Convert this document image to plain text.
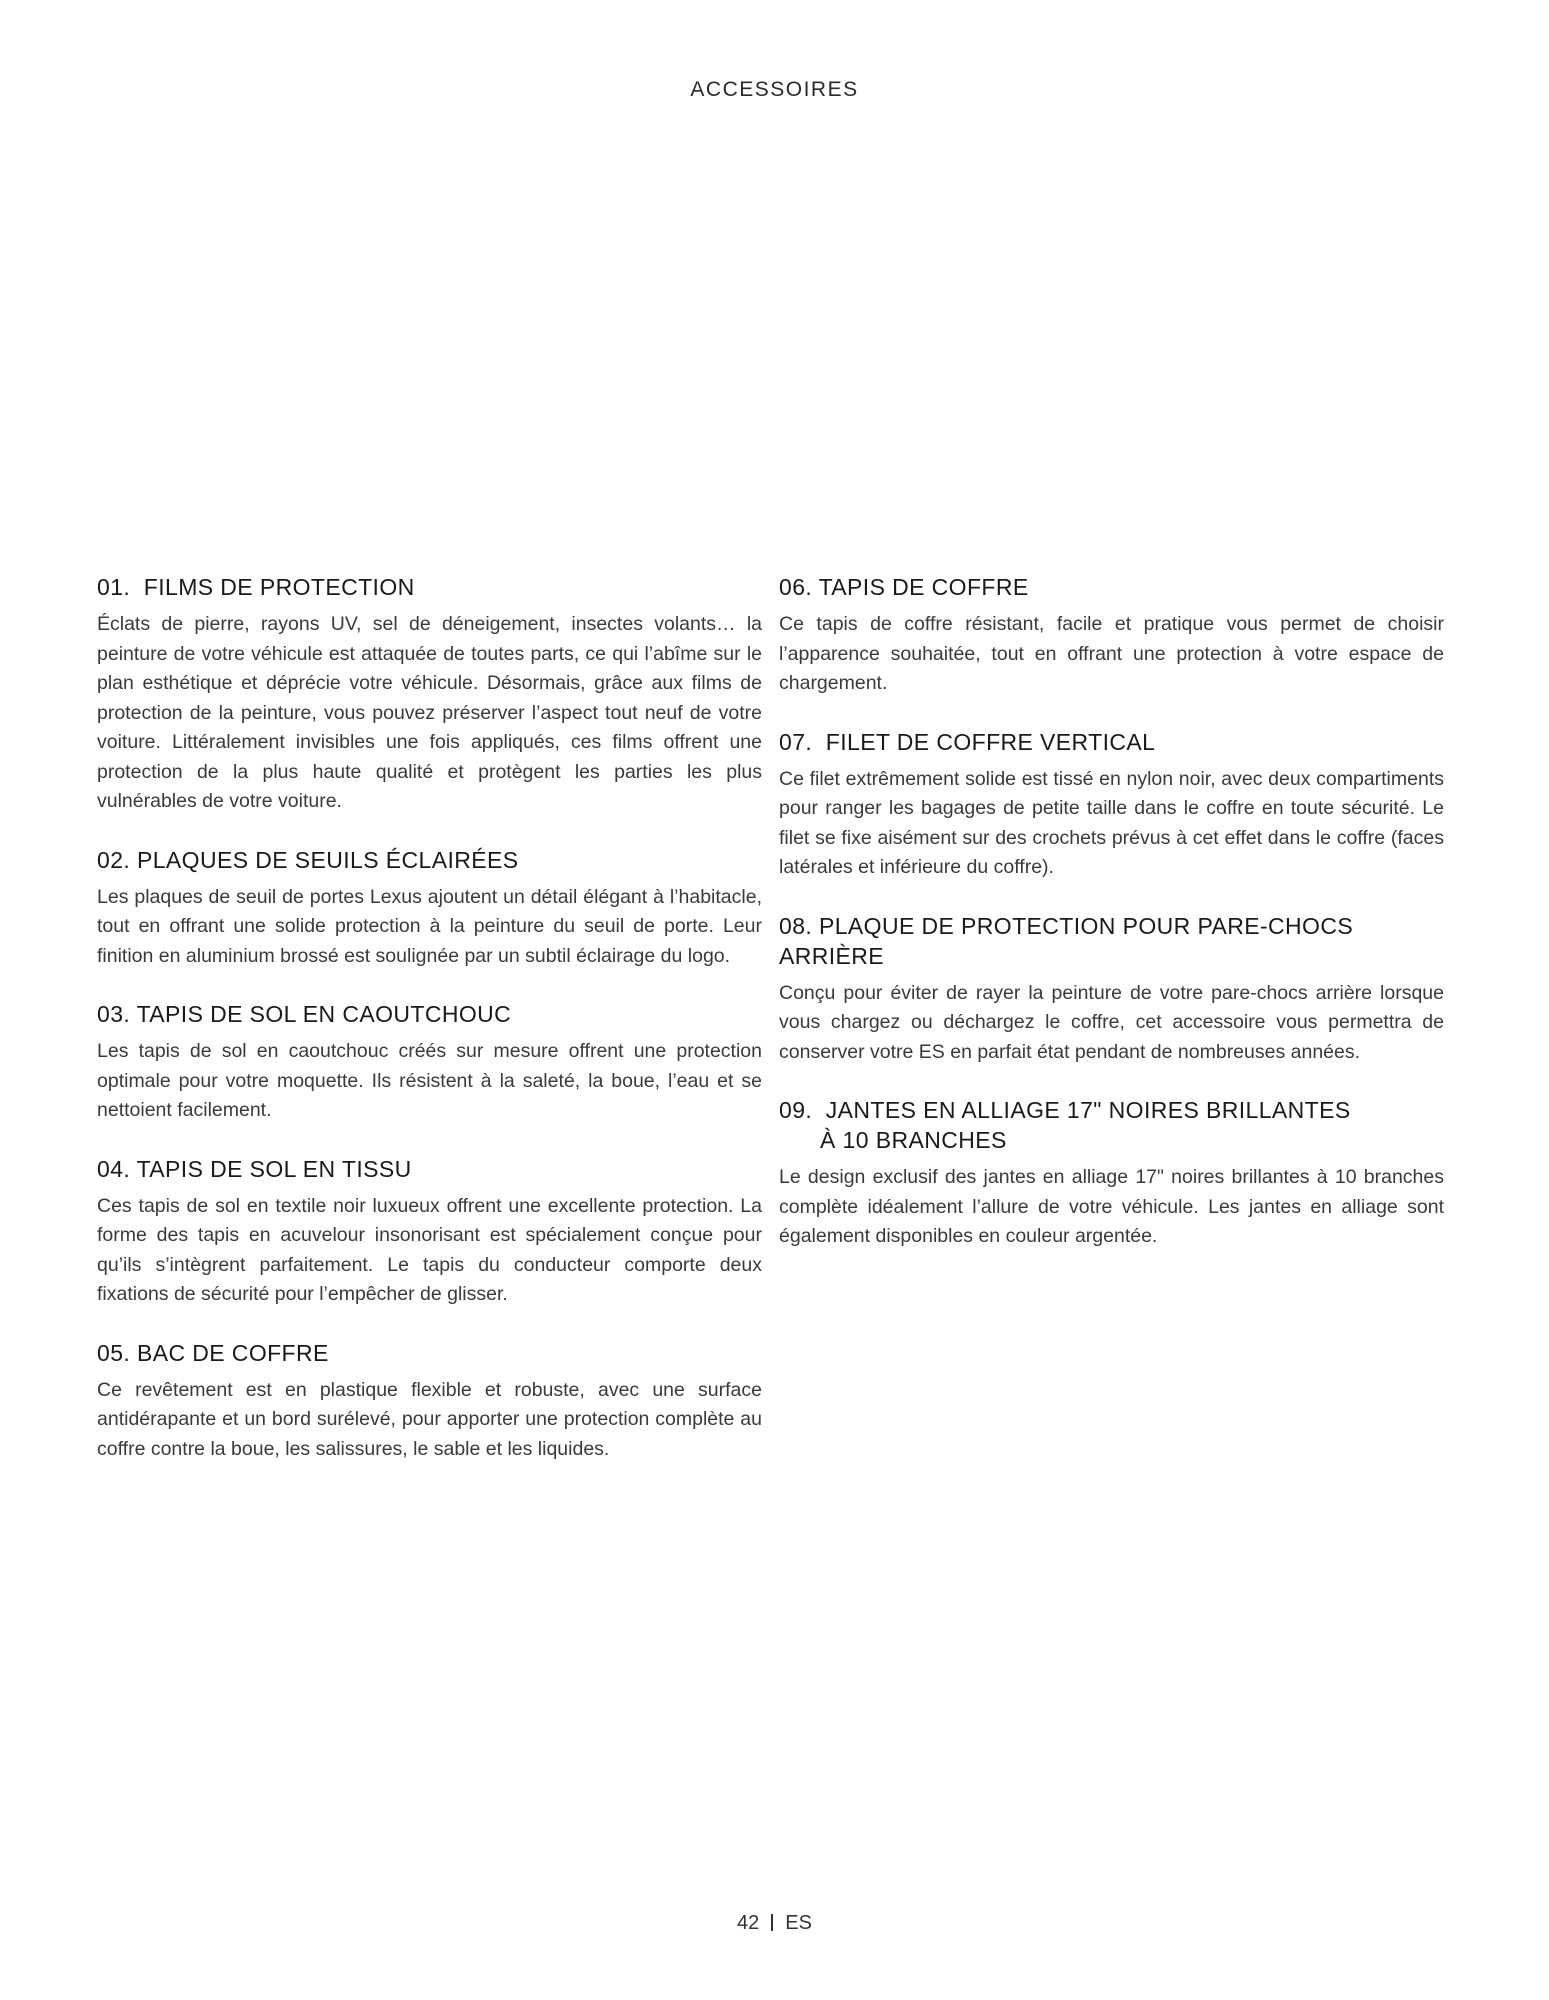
ACCESSOIRES
01. FILMS DE PROTECTION

Éclats de pierre, rayons UV, sel de déneigement, insectes volants… la peinture de votre véhicule est attaquée de toutes parts, ce qui l’abîme sur le plan esthétique et déprécie votre véhicule. Désormais, grâce aux films de protection de la peinture, vous pouvez préserver l’aspect tout neuf de votre voiture. Littéralement invisibles une fois appliqués, ces films offrent une protection de la plus haute qualité et protègent les parties les plus vulnérables de votre voiture.

02. PLAQUES DE SEUILS ÉCLAIRÉES

Les plaques de seuil de portes Lexus ajoutent un détail élégant à l’habitacle, tout en offrant une solide protection à la peinture du seuil de porte. Leur finition en aluminium brossé est soulignée par un subtil éclairage du logo.

03. TAPIS DE SOL EN CAOUTCHOUC

Les tapis de sol en caoutchouc créés sur mesure offrent une protection optimale pour votre moquette. Ils résistent à la saleté, la boue, l’eau et se nettoient facilement.

04. TAPIS DE SOL EN TISSU

Ces tapis de sol en textile noir luxueux offrent une excellente protection. La forme des tapis en acuvelour insonorisant est spécialement conçue pour qu’ils s’intègrent parfaitement. Le tapis du conducteur comporte deux fixations de sécurité pour l’empêcher de glisser.

05. BAC DE COFFRE

Ce revêtement est en plastique flexible et robuste, avec une surface antidérapante et un bord surélevé, pour apporter une protection complète au coffre contre la boue, les salissures, le sable et les liquides.

06. TAPIS DE COFFRE

Ce tapis de coffre résistant, facile et pratique vous permet de choisir l’apparence souhaitée, tout en offrant une protection à votre espace de chargement.

07. FILET DE COFFRE VERTICAL

Ce filet extrêmement solide est tissé en nylon noir, avec deux compartiments pour ranger les bagages de petite taille dans le coffre en toute sécurité. Le filet se fixe aisément sur des crochets prévus à cet effet dans le coffre (faces latérales et inférieure du coffre).

08. PLAQUE DE PROTECTION POUR PARE-CHOCS ARRIÈRE

Conçu pour éviter de rayer la peinture de votre pare-chocs arrière lorsque vous chargez ou déchargez le coffre, cet accessoire vous permettra de conserver votre ES en parfait état pendant de nombreuses années.

09. JANTES EN ALLIAGE 17" NOIRES BRILLANTES
À 10 BRANCHES

Le design exclusif des jantes en alliage 17" noires brillantes à 10 branches complète idéalement l’allure de votre véhicule. Les jantes en alliage sont également disponibles en couleur argentée.

42 ES
